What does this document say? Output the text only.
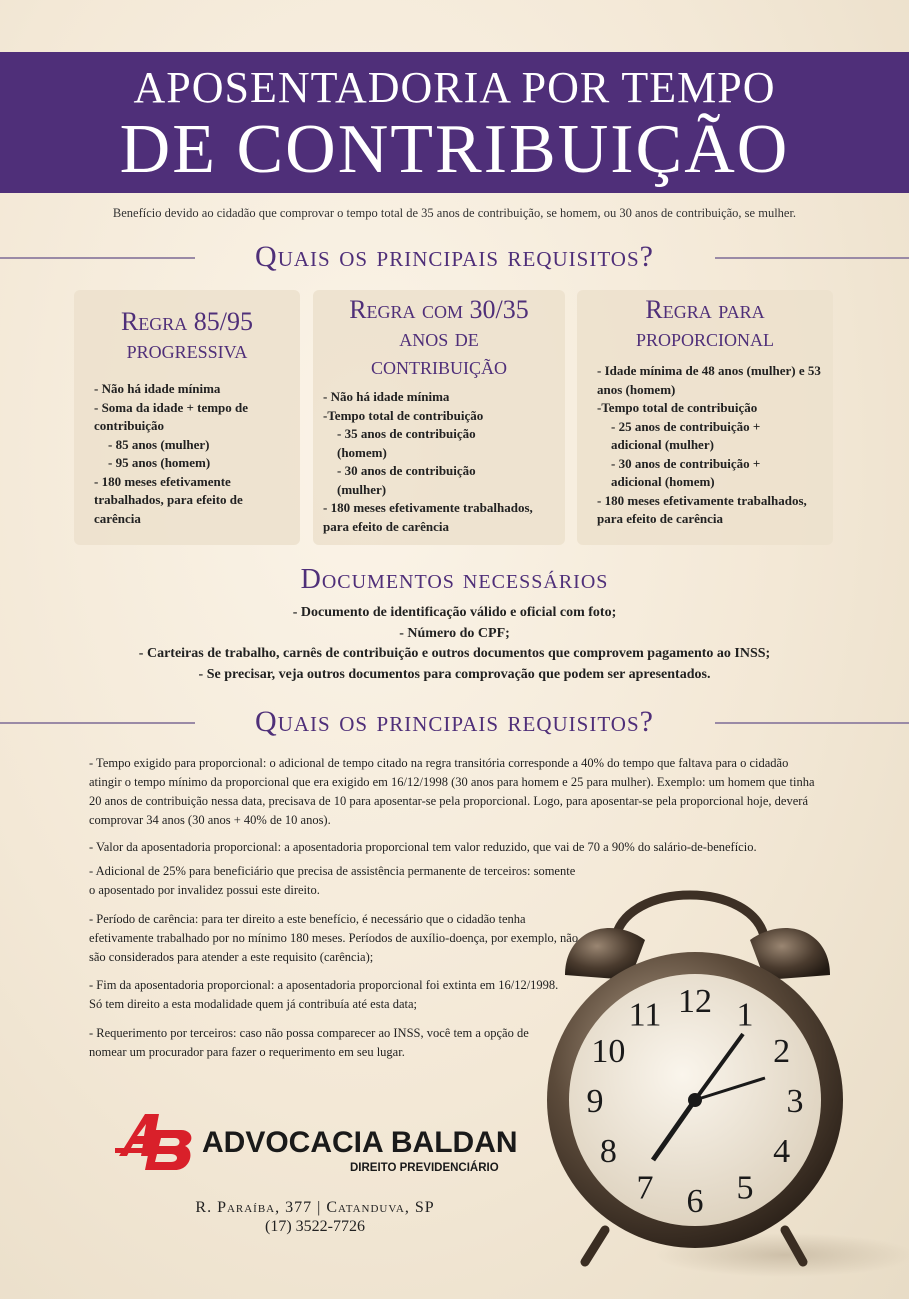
APOSENTADORIA POR TEMPO
DE CONTRIBUIÇÃO
Benefício devido ao cidadão que comprovar o tempo total de 35 anos de contribuição, se homem, ou 30 anos de contribuição, se mulher.
Quais os principais requisitos?
Regra 85/95 progressiva
- Não há idade mínima
- Soma da idade + tempo de contribuição
- 85 anos (mulher)
- 95 anos (homem)
- 180 meses efetivamente trabalhados, para efeito de carência
Regra com 30/35 anos de contribuição
- Não há idade mínima
-Tempo total de contribuição
- 35 anos de contribuição (homem)
- 30 anos de contribuição (mulher)
- 180 meses efetivamente trabalhados, para efeito de carência
Regra para proporcional
- Idade mínima de 48 anos (mulher) e 53 anos (homem)
-Tempo total de contribuição
- 25 anos de contribuição + adicional (mulher)
- 30 anos de contribuição + adicional (homem)
- 180 meses efetivamente trabalhados, para efeito de carência
Documentos necessários
- Documento de identificação válido e oficial com foto;
- Número do CPF;
- Carteiras de trabalho, carnês de contribuição e outros documentos que comprovem pagamento ao INSS;
- Se precisar, veja outros documentos para comprovação que podem ser apresentados.
Quais os principais requisitos?
- Tempo exigido para proporcional: o adicional de tempo citado na regra transitória corresponde a 40% do tempo que faltava para o cidadão atingir o tempo mínimo da proporcional que era exigido em 16/12/1998 (30 anos para homem e 25 para mulher). Exemplo: um homem que tinha 20 anos de contribuição nessa data, precisava de 10 para aposentar-se pela proporcional. Logo, para aposentar-se pela proporcional hoje, deverá comprovar 34 anos (30 anos + 40% de 10 anos).
- Valor da aposentadoria proporcional: a aposentadoria proporcional tem valor reduzido, que vai de 70 a 90% do salário-de-benefício.
- Adicional de 25% para beneficiário que precisa de assistência permanente de terceiros: somente o aposentado por invalidez possui este direito.
- Período de carência: para ter direito a este benefício, é necessário que o cidadão tenha efetivamente trabalhado por no mínimo 180 meses. Períodos de auxílio-doença, por exemplo, não são considerados para atender a este requisito (carência);
- Fim da aposentadoria proporcional: a aposentadoria proporcional foi extinta em 16/12/1998. Só tem direito a esta modalidade quem já contribuía até esta data;
- Requerimento por terceiros: caso não possa comparecer ao INSS, você tem a opção de nomear um procurador para fazer o requerimento em seu lugar.
12 1
2
3
4
5
6
7
8
9
10
11
ADVOCACIA BALDAN
DIREITO PREVIDENCIÁRIO
R. Paraíba, 377 | Catanduva, SP
(17) 3522-7726
